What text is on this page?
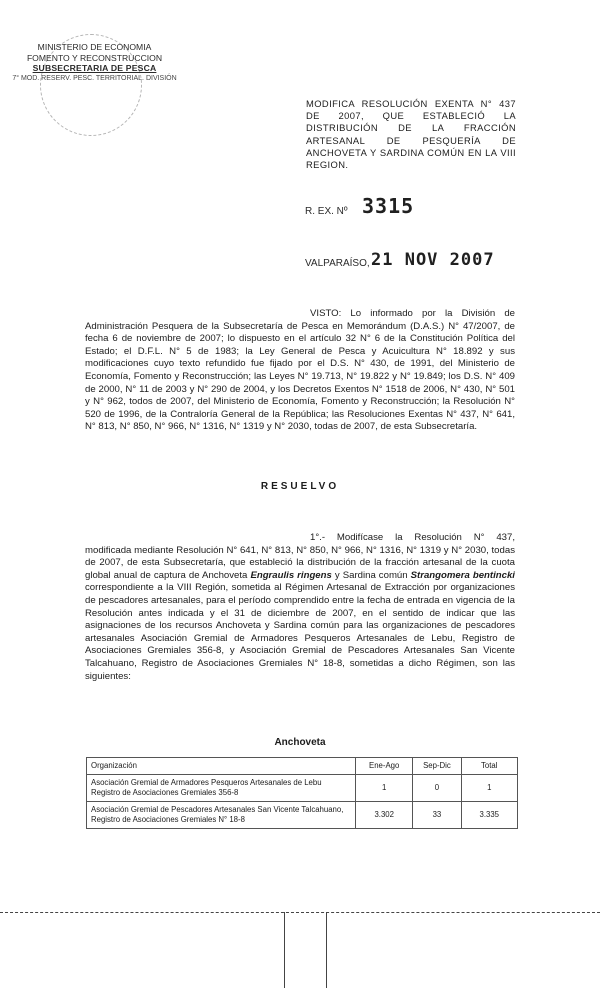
MINISTERIO DE ECONOMIA
FOMENTO Y RECONSTRUCCION
SUBSECRETARIA DE PESCA
7° MOD. RESERV. PESC. TERRITORIAL. DIVISIÓN
MODIFICA RESOLUCIÓN EXENTA N° 437 DE 2007, QUE ESTABLECIÓ LA DISTRIBUCIÓN DE LA FRACCIÓN ARTESANAL DE PESQUERÍA DE ANCHOVETA Y SARDINA COMÚN EN LA VIII REGION.
R. EX. Nº 3315
VALPARAÍSO, 21 NOV 2007
VISTO: Lo informado por la División de Administración Pesquera de la Subsecretaría de Pesca en Memorándum (D.A.S.) N° 47/2007, de fecha 6 de noviembre de 2007; lo dispuesto en el artículo 32 N° 6 de la Constitución Política del Estado; el D.F.L. N° 5 de 1983; la Ley General de Pesca y Acuicultura N° 18.892 y sus modificaciones cuyo texto refundido fue fijado por el D.S. N° 430, de 1991, del Ministerio de Economía, Fomento y Reconstrucción; las Leyes N° 19.713, N° 19.822 y N° 19.849; los D.S. N° 409 de 2000, N° 11 de 2003 y N° 290 de 2004, y los Decretos Exentos N° 1518 de 2006, N° 430, N° 501 y N° 962, todos de 2007, del Ministerio de Economía, Fomento y Reconstrucción; la Resolución N° 520 de 1996, de la Contraloría General de la República; las Resoluciones Exentas N° 437, N° 641, N° 813, N° 850, N° 966, N° 1316, N° 1319 y N° 2030, todas de 2007, de esta Subsecretaría.
RESUELVO
1°.- Modifícase la Resolución N° 437, modificada mediante Resolución N° 641, N° 813, N° 850, N° 966, N° 1316, N° 1319 y N° 2030, todas de 2007, de esta Subsecretaría, que estableció la distribución de la fracción artesanal de la cuota global anual de captura de Anchoveta Engraulis ringens y Sardina común Strangomera bentincki correspondiente a la VIII Región, sometida al Régimen Artesanal de Extracción por organizaciones de pescadores artesanales, para el período comprendido entre la fecha de entrada en vigencia de la Resolución antes indicada y el 31 de diciembre de 2007, en el sentido de indicar que las asignaciones de los recursos Anchoveta y Sardina común para las organizaciones de pescadores artesanales Asociación Gremial de Armadores Pesqueros Artesanales de Lebu, Registro de Asociaciones Gremiales 356-8, y Asociación Gremial de Pescadores Artesanales San Vicente Talcahuano, Registro de Asociaciones Gremiales N° 18-8, sometidas a dicho Régimen, son las siguientes:
Anchoveta
Organización	Ene-Ago	Sep-Dic	Total
Asociación Gremial de Armadores Pesqueros Artesanales de Lebu Registro de Asociaciones Gremiales 356-8	1	0	1
Asociación Gremial de Pescadores Artesanales San Vicente Talcahuano, Registro de Asociaciones Gremiales N° 18-8	3.302	33	3.335
